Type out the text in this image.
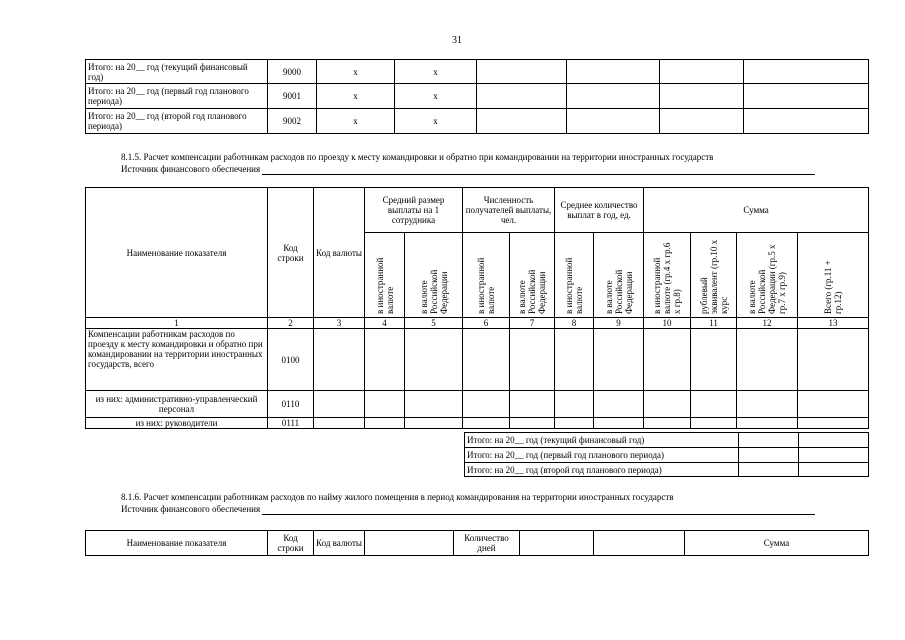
31
Итого: на 20__ год (текущий финансовый год)	9000	x	x				
Итого: на 20__ год (первый год планового периода)	9001	x	x				
Итого: на 20__ год (второй год планового периода)	9002	x	x				
8.1.5. Расчет компенсации работникам расходов по проезду к месту командировки и обратно при командировании на территории иностранных государств
Источник финансового обеспечения
Наименование показателя	Код строки	Код валюты	Средний размер выплаты на 1 сотрудника		Численность получателей выплаты, чел.		Среднее количество выплат в год, ед.		Сумма			

			в иностранной валюте	в валюте Российской Федерации	в иностранной валюте	в валюте Российской Федерации	в иностранной валюте	в валюте Российской Федерации	в иностранной валюте (гр.4 х гр.6 х гр.8)	рублевый эквивалент (гр.10 х курс	в валюте Российской Федерации (гр.5 х гр.7 х гр.9)	Всего (гр.11 + гр.12)

1	2	3	4	5	6	7	8	9	10	11	12	13
Компенсации работникам расходов по проезду к месту командировки и обратно при командировании на территории иностранных государств, всего	0100											
из них: административно-управленческий персонал	0110											
из них: руководители	0111											
Итого: на 20__ год (текущий финансовый год)		
Итого: на 20__ год (первый год планового периода)		
Итого: на 20__ год (второй год планового периода)		
8.1.6. Расчет компенсации работникам расходов по найму жилого помещения в период командирования на территории иностранных государств
Источник финансового обеспечения
Наименование показателя	Код строки	Код валюты		Количество дней			Сумма
